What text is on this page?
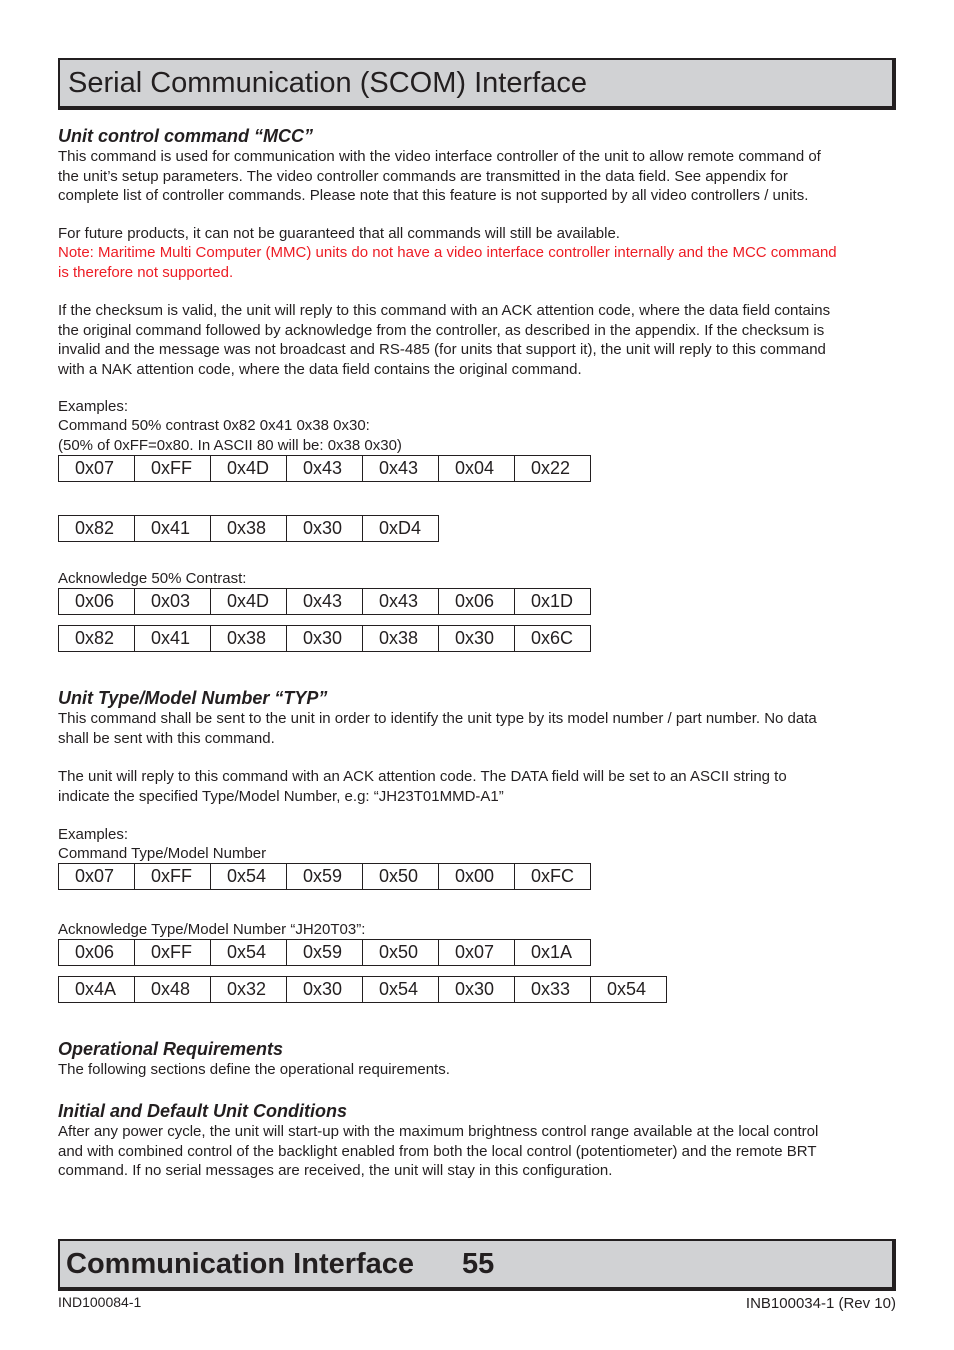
Serial Communication (SCOM) Interface
Unit control command “MCC”
This command is used for communication with the video interface controller of the unit to allow remote command of
the unit’s setup parameters. The video controller commands are transmitted in the data field. See appendix for
complete list of controller commands. Please note that this feature is not supported by all video controllers / units.
For future products, it can not be guaranteed that all commands will still be available.
Note: Maritime Multi Computer (MMC) units do not have a video interface controller internally and the MCC command
is therefore not supported.
If the checksum is valid, the unit will reply to this command with an ACK attention code, where the data field contains
the original command followed by acknowledge from the controller, as described in the appendix. If the checksum is
invalid and the message was not broadcast and RS-485 (for units that support it), the unit will reply to this command
with a NAK attention code, where the data field contains the original command.
Examples:
Command 50% contrast 0x82 0x41 0x38 0x30:
(50% of 0xFF=0x80. In ASCII 80 will be: 0x38 0x30)
0x07	0xFF	0x4D	0x43	0x43	0x04	0x22
0x82	0x41	0x38	0x30	0xD4
Acknowledge 50% Contrast:
0x06	0x03	0x4D	0x43	0x43	0x06	0x1D
0x82	0x41	0x38	0x30	0x38	0x30	0x6C
Unit Type/Model Number “TYP”
This command shall be sent to the unit in order to identify the unit type by its model number / part number. No data
shall be sent with this command.
The unit will reply to this command with an ACK attention code. The DATA field will be set to an ASCII string to
indicate the specified Type/Model Number, e.g: “JH23T01MMD-A1”
Examples:
Command Type/Model Number
0x07	0xFF	0x54	0x59	0x50	0x00	0xFC
Acknowledge Type/Model Number “JH20T03”:
0x06	0xFF	0x54	0x59	0x50	0x07	0x1A
0x4A	0x48	0x32	0x30	0x54	0x30	0x33	0x54
Operational Requirements
The following sections define the operational requirements.
Initial and Default Unit Conditions
After any power cycle, the unit will start-up with the maximum brightness control range available at the local control
and with combined control of the backlight enabled from both the local control (potentiometer) and the remote BRT
command. If no serial messages are received, the unit will stay in this configuration.
Communication Interface 55
IND100084-1	INB100034-1 (Rev 10)
